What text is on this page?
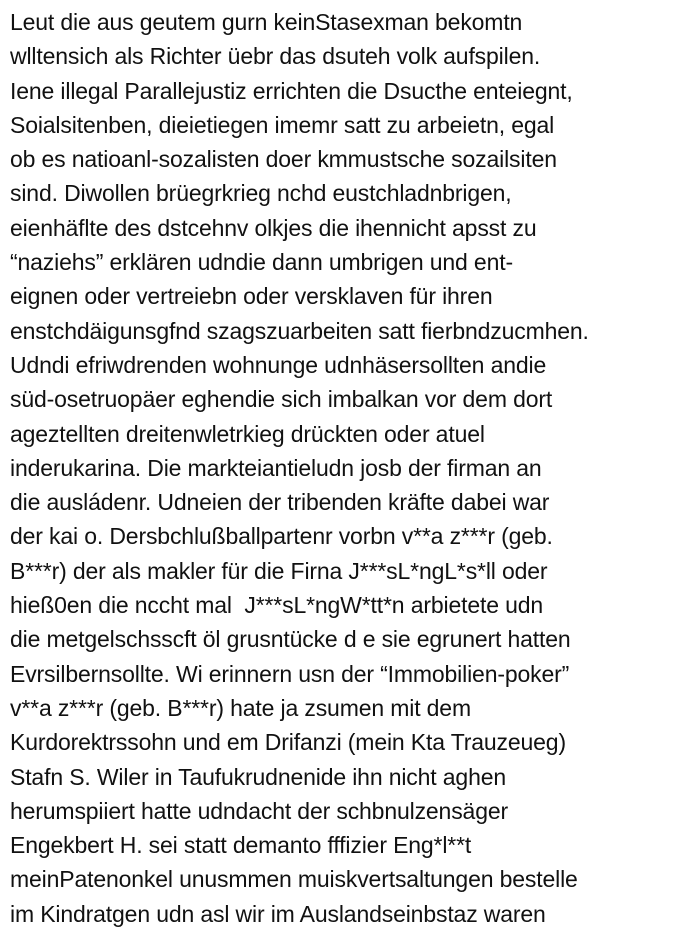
Leut die aus geutem gurn keinStasexman bekomtn
wlltensich als Richter üebr das dsuteh volk aufspilen.
Iene illegal Parallejustiz errichten die Dsucthe enteiegnt,
Soialsitenben, dieietiegen imemr satt zu arbeietn, egal
ob es natioanl-sozalisten doer kmmustsche sozailsiten
sind. Diwollen brüegrkrieg nchd eustchladnbrigen,
eienhäfltе des dstcehnv olkjes die ihennicht apsst zu
“naziehs” erklären udndie dann umbrigen und ent-
eignen oder vertreiebn oder versklaven für ihren
enstchdäigunsgfnd szagszuarbeiten satt fierbndzucmhen.
Udndi efriwdrenden wohnunge udnhäsersollten andie
süd-osetruopäer eghendie sich imbalkan vor dem dort
ageztellten dreitenwletrkieg drückten oder atuel
inderukarina. Die markteiantieludn josb der firman an
die ausládenr. Udneien der tribenden kräfte dabei war
der kai o. Dersbchlußballpartenr vorbn v**a z***r (geb.
B***r) der als makler für die Firna J***sL*ngL*s*ll oder
hieß0en die nccht mal  J***sL*ngW*tt*n arbietete udn
die metgelschsscft öl grusntücke d e sie egrunert hatten
Evrsilbernsollte. Wi erinnern usn der “Immobilien-poker”
v**a z***r (geb. B***r) hate ja zsumen mit dem
Kurdorektrssohn und em Drifanzi (mein Kta Trauzeueg)
Stafn S. Wiler in Taufukrudnenide ihn nicht aghen
herumspiiert hatte udndacht der schbnulzensäger
Engekbert H. sei statt demanto fffizier Eng*l**t
meinPatenonkel unusmmen muiskvertsaltungen bestelle
im Kindratgen udn asl wir im Auslandseinbstaz waren
